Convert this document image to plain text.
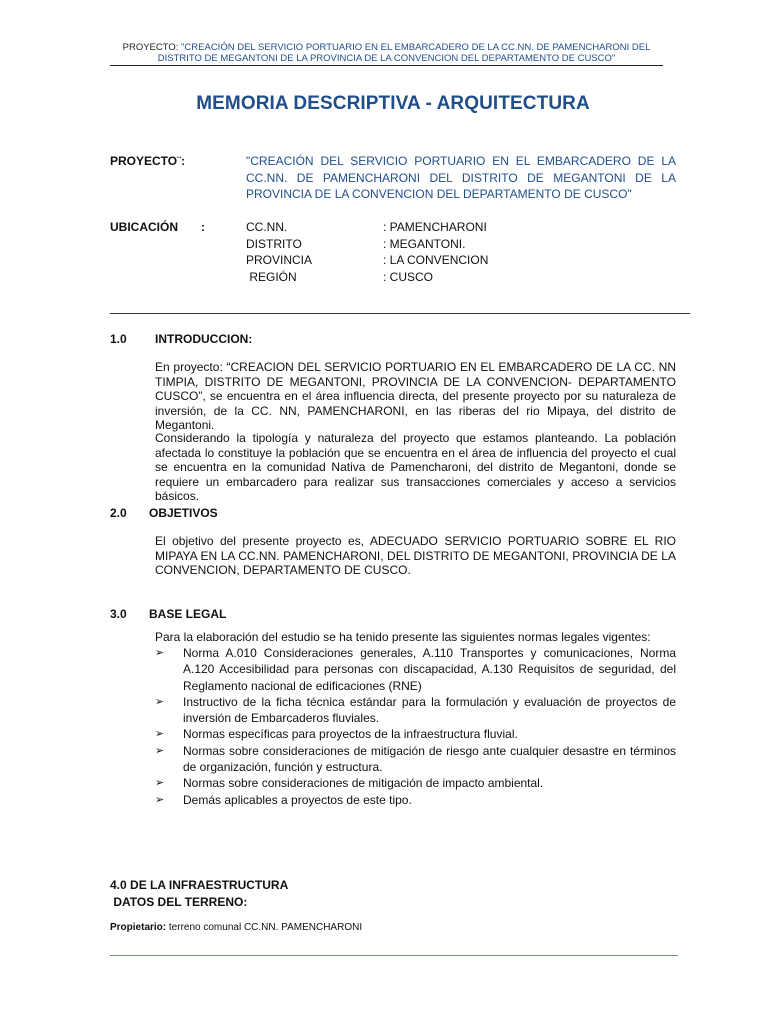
PROYECTO: "CREACIÓN DEL SERVICIO PORTUARIO EN EL EMBARCADERO DE LA CC.NN. DE PAMENCHARONI DEL DISTRITO DE MEGANTONI DE LA PROVINCIA DE LA CONVENCION DEL DEPARTAMENTO DE CUSCO"
MEMORIA DESCRIPTIVA - ARQUITECTURA
PROYECTO¨:	"CREACIÓN DEL SERVICIO PORTUARIO EN EL EMBARCADERO DE LA CC.NN. DE PAMENCHARONI DEL DISTRITO DE MEGANTONI DE LA PROVINCIA DE LA CONVENCION DEL DEPARTAMENTO DE CUSCO"
UBICACIÓN :	CC.NN.	: PAMENCHARONI
DISTRITO	: MEGANTONI.
PROVINCIA	: LA CONVENCION
REGIÓN	: CUSCO
1.0 INTRODUCCION:
En proyecto: “CREACION DEL SERVICIO PORTUARIO EN EL EMBARCADERO DE LA CC. NN TIMPIA, DISTRITO DE MEGANTONI, PROVINCIA DE LA CONVENCION- DEPARTAMENTO CUSCO”, se encuentra en el área influencia directa, del presente proyecto por su naturaleza de inversión, de la CC. NN, PAMENCHARONI, en las riberas del rio Mipaya, del distrito de Megantoni.
Considerando la tipología y naturaleza del proyecto que estamos planteando. La población afectada lo constituye la población que se encuentra en el área de influencia del proyecto el cual se encuentra en la comunidad Nativa de Pamencharoni, del distrito de Megantoni, donde se requiere un embarcadero para realizar sus transacciones comerciales y acceso a servicios básicos.
2.0 OBJETIVOS
El objetivo del presente proyecto es, ADECUADO SERVICIO PORTUARIO SOBRE EL RIO MIPAYA EN LA CC.NN. PAMENCHARONI, DEL DISTRITO DE MEGANTONI, PROVINCIA DE LA CONVENCION, DEPARTAMENTO DE CUSCO.
3.0 BASE LEGAL
Para la elaboración del estudio se ha tenido presente las siguientes normas legales vigentes:
➢	Norma A.010 Consideraciones generales, A.110 Transportes y comunicaciones, Norma A.120 Accesibilidad para personas con discapacidad, A.130 Requisitos de seguridad, del Reglamento nacional de edificaciones (RNE)
➢	Instructivo de la ficha técnica estándar para la formulación y evaluación de proyectos de inversión de Embarcaderos fluviales.
➢	Normas específicas para proyectos de la infraestructura fluvial.
➢	Normas sobre consideraciones de mitigación de riesgo ante cualquier desastre en términos de organización, función y estructura.
➢	Normas sobre consideraciones de mitigación de impacto ambiental.
➢	Demás aplicables a proyectos de este tipo.
4.0 DE LA INFRAESTRUCTURA
DATOS DEL TERRENO:
Propietario: terreno comunal CC.NN. PAMENCHARONI
